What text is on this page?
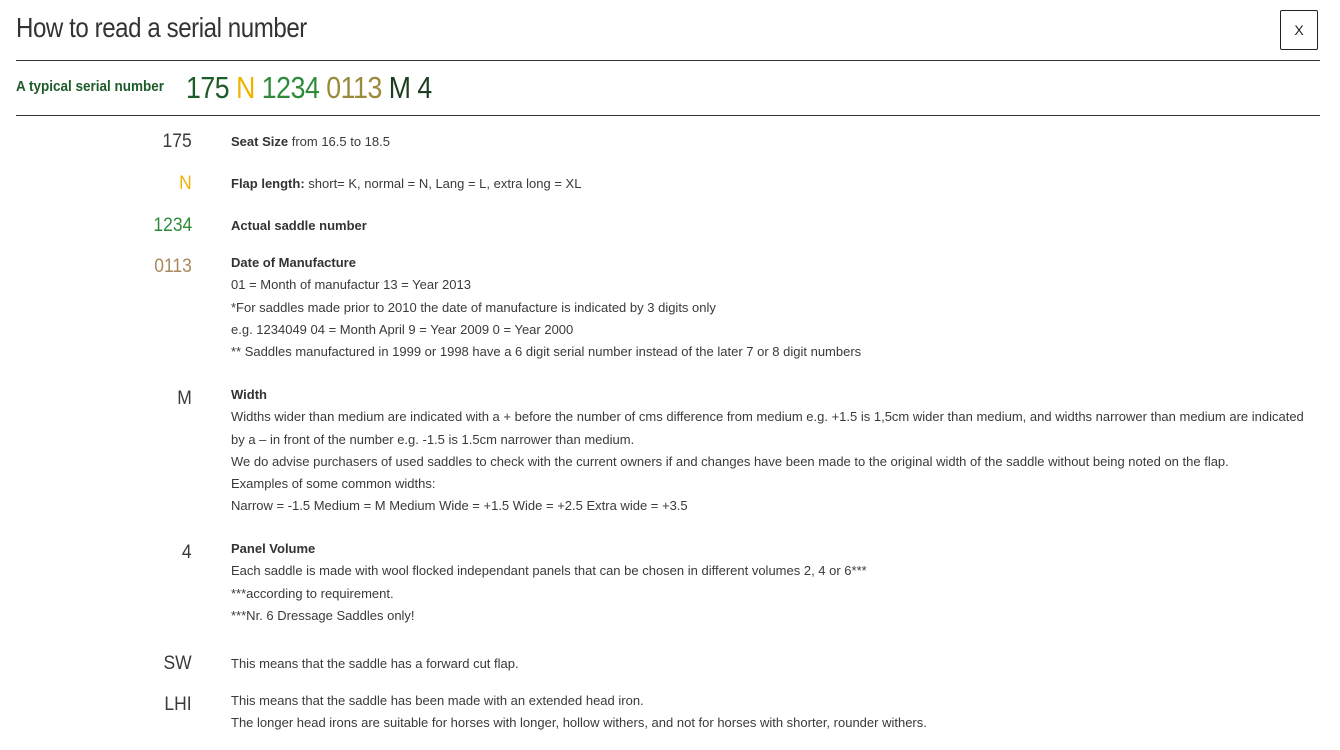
How to read a serial number	X
A typical serial number 175 N 1234 0113 M 4
175	Seat Size from 16.5 to 18.5
N	Flap length: short= K, normal = N, Lang = L, extra long = XL
1234	Actual saddle number
0113	Date of Manufacture
01 = Month of manufactur 13 = Year 2013
*For saddles made prior to 2010 the date of manufacture is indicated by 3 digits only
e.g. 1234049 04 = Month April 9 = Year 2009 0 = Year 2000
** Saddles manufactured in 1999 or 1998 have a 6 digit serial number instead of the later 7 or 8 digit numbers
M	Width
Widths wider than medium are indicated with a + before the number of cms difference from medium e.g. +1.5 is 1,5cm wider than medium, and widths narrower than medium are indicated by a – in front of the number e.g. -1.5 is 1.5cm narrower than medium.
We do advise purchasers of used saddles to check with the current owners if and changes have been made to the original width of the saddle without being noted on the flap.
Examples of some common widths:
Narrow = -1.5 Medium = M Medium Wide = +1.5 Wide = +2.5 Extra wide = +3.5
4	Panel Volume
Each saddle is made with wool flocked independant panels that can be chosen in different volumes 2, 4 or 6***
***according to requirement.
***Nr. 6 Dressage Saddles only!
SW	This means that the saddle has a forward cut flap.
LHI	This means that the saddle has been made with an extended head iron.
The longer head irons are suitable for horses with longer, hollow withers, and not for horses with shorter, rounder withers.
